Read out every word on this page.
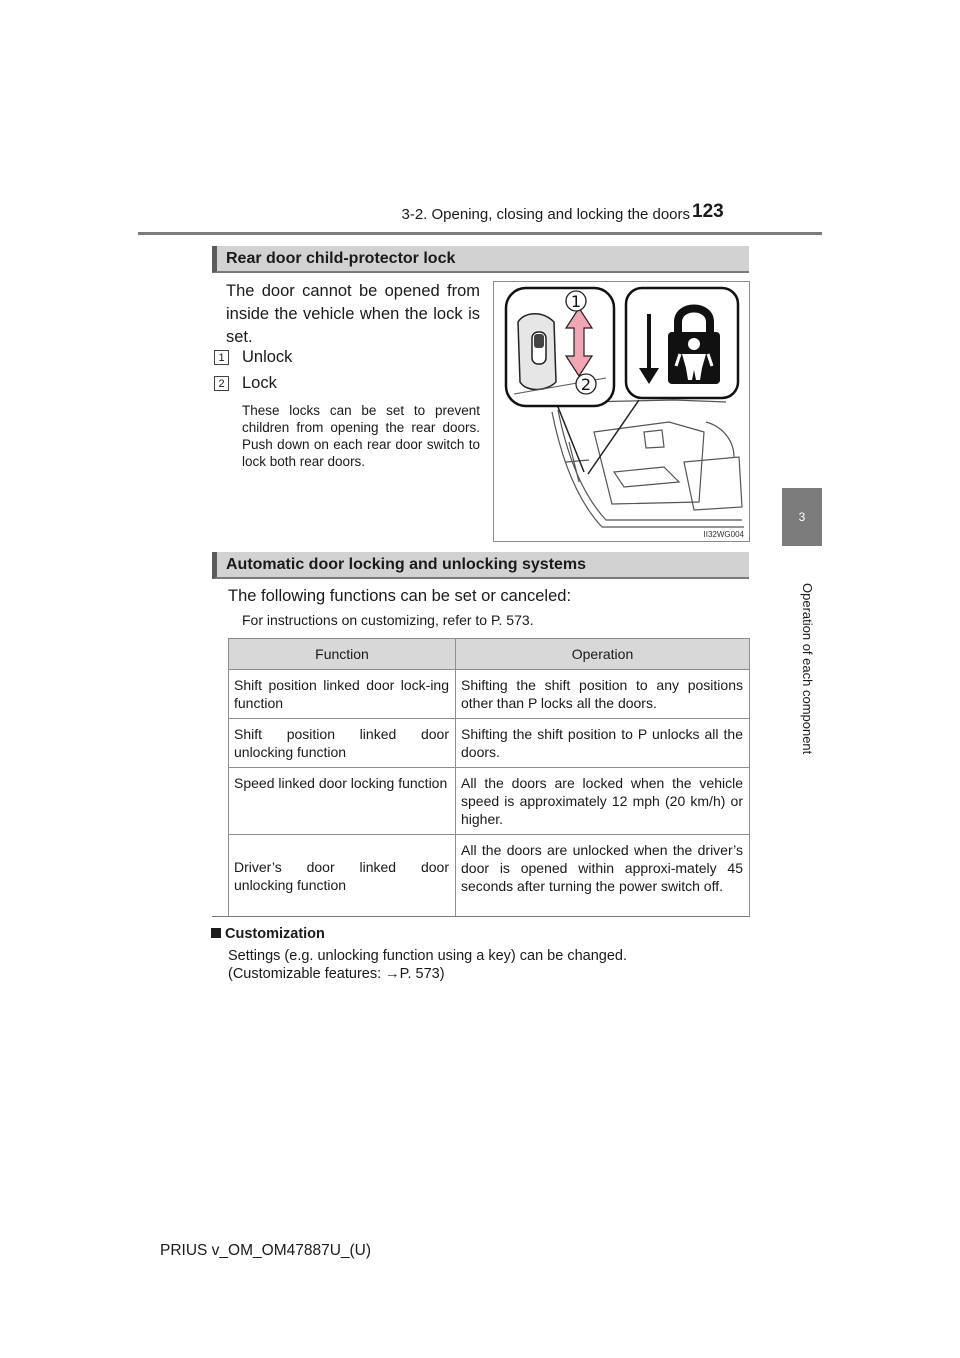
3-2. Opening, closing and locking the doors 123
3
Operation of each component
Rear door child-protector lock
The door cannot be opened from inside the vehicle when the lock is set.
1 Unlock
2 Lock
These locks can be set to prevent children from opening the rear doors. Push down on each rear door switch to lock both rear doors.
1
2
II32WG004
Automatic door locking and unlocking systems
The following functions can be set or canceled:
For instructions on customizing, refer to P. 573.
Function	Operation
Shift position linked door lock-ing function	Shifting the shift position to any positions other than P locks all the doors.
Shift position linked door unlocking function	Shifting the shift position to P unlocks all the doors.
Speed linked door locking function	All the doors are locked when the vehicle speed is approximately 12 mph (20 km/h) or higher.
Driver’s door linked door unlocking function	All the doors are unlocked when the driver’s door is opened within approxi-mately 45 seconds after turning the power switch off.
Customization
Settings (e.g. unlocking function using a key) can be changed.
(Customizable features: →P. 573)
PRIUS v_OM_OM47887U_(U)
